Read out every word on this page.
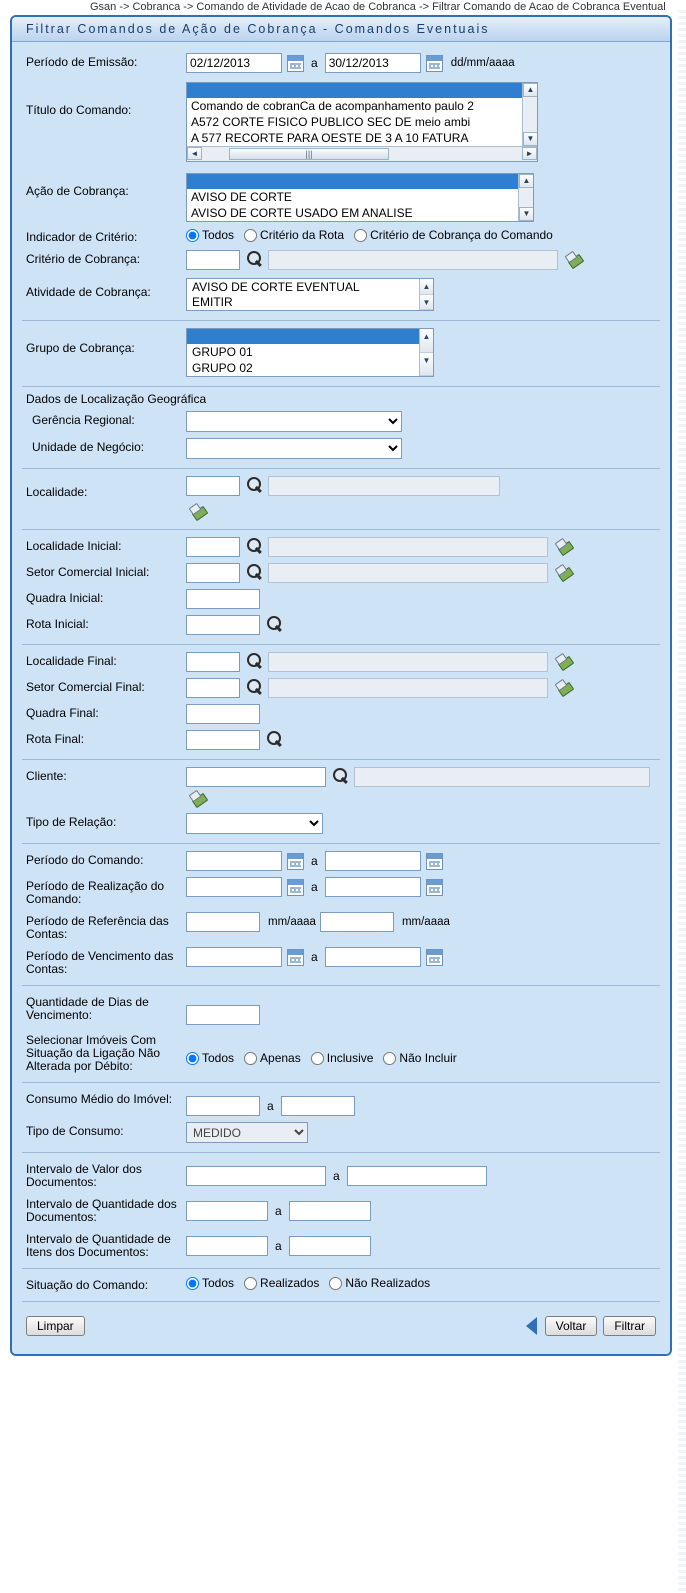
Gsan -> Cobranca -> Comando de Atividade de Acao de Cobranca -> Filtrar Comando de Acao de Cobranca Eventual
Filtrar Comandos de Ação de Cobrança - Comandos Eventuais
Período de Emissão:
02/12/2013	a
30/12/2013	dd/mm/aaaa
Título do Comando:	Comando de cobranCa de acompanhamento paulo 2
A572 CORTE FISICO PUBLICO SEC DE meio ambi
A 577 RECORTE PARA OESTE DE 3 A 10 FATURA
◄	|||	►
▲
▼
Ação de Cobrança:	AVISO DE CORTE
AVISO DE CORTE USADO EM ANALISE
▲
▼
Indicador de Critério:	Todos Critério da Rota Critério de Cobrança do Comando
Critério de Cobrança:
Atividade de Cobrança:	AVISO DE CORTE EVENTUAL
EMITIR
▲
▼
Grupo de Cobrança:	GRUPO 01
GRUPO 02
▲
▼
Dados de Localização Geográfica
Gerência Regional:
Unidade de Negócio:
Localidade:
Localidade Inicial:
Setor Comercial Inicial:
Quadra Inicial:
Rota Inicial:
Localidade Final:
Setor Comercial Final:
Quadra Final:
Rota Final:
Cliente:
Tipo de Relação:
Período do Comando:	a
Período de Realização do Comando:
a
Período de Referência das Contas:
mm/aaaa	mm/aaaa
Período de Vencimento das Contas:
a
Quantidade de Dias de Vencimento:
Selecionar Imóveis Com Situação da Ligação Não Alterada por Débito:
Todos Apenas Inclusive Não Incluir
Consumo Médio do Imóvel:	a
Tipo de Consumo:
MEDIDO
Intervalo de Valor dos Documentos:	a
Intervalo de Quantidade dos Documentos:	a
Intervalo de Quantidade de Itens dos Documentos:	a
Situação do Comando:	Todos Realizados Não Realizados
Limpar	Voltar	Filtrar
